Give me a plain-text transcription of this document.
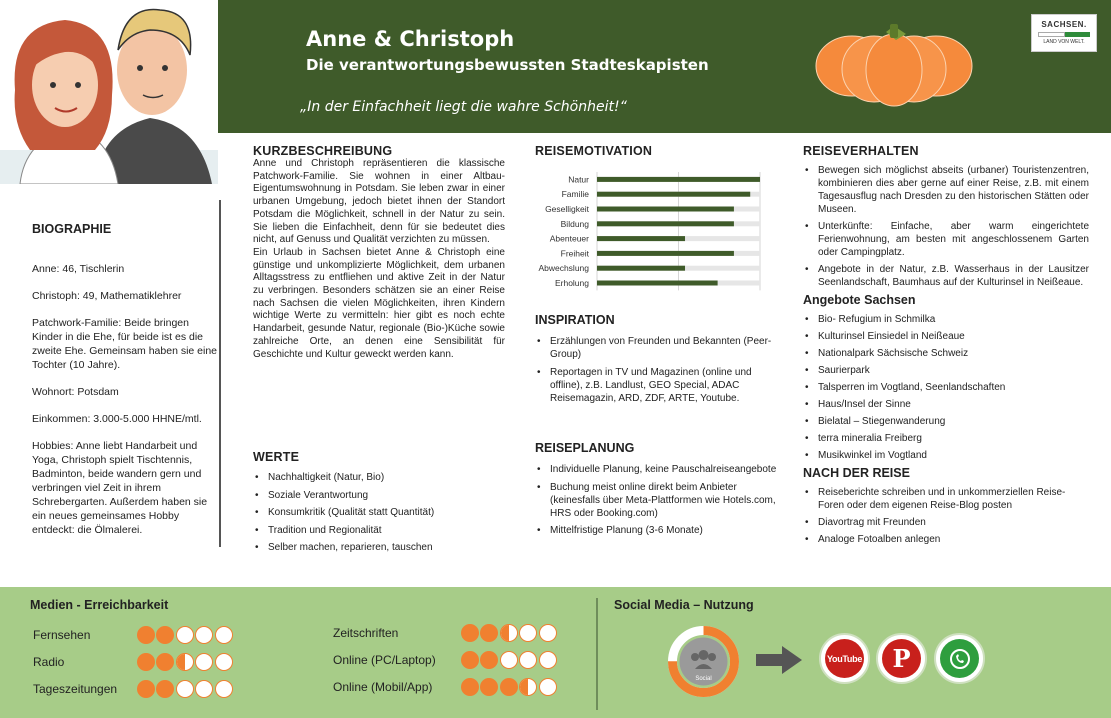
Anne & Christoph
Die verantwortungsbewussten Stadteskapisten
„In der Einfachheit liegt die wahre Schönheit!“
SACHSEN.
LAND VON WELT.
BIOGRAPHIE

Anne: 46, Tischlerin

Christoph: 49, Mathematiklehrer

Patchwork-Familie: Beide bringen Kinder in die Ehe, für beide ist es die zweite Ehe. Gemeinsam haben sie eine Tochter (10 Jahre).

Wohnort: Potsdam

Einkommen: 3.000-5.000 HHNE/mtl.

Hobbies: Anne liebt Handarbeit und Yoga, Christoph spielt Tischtennis, Badminton, beide wandern gern und verbringen viel Zeit in ihrem Schrebergarten. Außerdem haben sie ein neues gemeinsames Hobby entdeckt: die Ölmalerei.

KURZBESCHREIBUNG
Anne und Christoph repräsentieren die klassische Patchwork-Familie. Sie wohnen in einer Altbau-Eigentumswohnung in Potsdam. Sie leben zwar in einer urbanen Umgebung, jedoch bietet ihnen der Standort Potsdam die Möglichkeit, schnell in der Natur zu sein. Sie lieben die Einfachheit, denn für sie bedeutet dies nicht, auf Genuss und Qualität verzichten zu müssen.
Ein Urlaub in Sachsen bietet Anne & Christoph eine günstige und unkomplizierte Möglichkeit, dem urbanen Alltagsstress zu entfliehen und aktive Zeit in der Natur zu verbringen. Besonders schätzen sie an einer Reise nach Sachsen die vielen Möglichkeiten, ihren Kindern wichtige Werte zu vermitteln: hier gibt es noch echte Handarbeit, gesunde Natur, regionale (Bio-)Küche sowie zahlreiche Orte, an denen eine Sensibilität für Geschichte und Kultur geweckt werden kann.
WERTE
• Nachhaltigkeit (Natur, Bio)
• Soziale Verantwortung
• Konsumkritik (Qualität statt Quantität)
• Tradition und Regionalität
• Selber machen, reparieren, tauschen
REISEMOTIVATION
Natur
Familie
Geselligkeit
Bildung
Abenteuer
Freiheit
Abwechslung
Erholung
INSPIRATION
• Erzählungen von Freunden und Bekannten (Peer-Group)
• Reportagen in TV und Magazinen (online und offline), z.B. Landlust, GEO Special, ADAC Reisemagazin, ARD, ZDF, ARTE, Youtube.
REISEPLANUNG
• Individuelle Planung, keine Pauschalreiseangebote
• Buchung meist online direkt beim Anbieter (keinesfalls über Meta-Plattformen wie Hotels.com, HRS oder Booking.com)
• Mittelfristige Planung (3-6 Monate)
REISEVERHALTEN
• Bewegen sich möglichst abseits (urbaner) Touristenzentren, kombinieren dies aber gerne auf einer Reise, z.B. mit einem Tagesausflug nach Dresden zu den historischen Stätten oder Museen.
• Unterkünfte: Einfache, aber warm eingerichtete Ferienwohnung, am besten mit angeschlossenem Garten oder Campingplatz.
• Angebote in der Natur, z.B. Wasserhaus in der Lausitzer Seenlandschaft, Baumhaus auf der Kulturinsel in Neißeaue.
Angebote Sachsen
• Bio- Refugium in Schmilka
• Kulturinsel Einsiedel in Neißeaue
• Nationalpark Sächsische Schweiz
• Saurierpark
• Talsperren im Vogtland, Seenlandschaften
• Haus/Insel der Sinne
• Bielatal – Stiegenwanderung
• terra mineralia Freiberg
• Musikwinkel im Vogtland
NACH DER REISE
• Reiseberichte schreiben und in unkommerziellen Reise-Foren oder dem eigenen Reise-Blog posten
• Diavortrag mit Freunden
• Analoge Fotoalben anlegen
Medien - Erreichbarkeit	Social Media – Nutzung
Fernsehen
Radio
Tageszeitungen
Zeitschriften
Online (PC/Laptop)
Online (Mobil/App)
Social
YouTube P
